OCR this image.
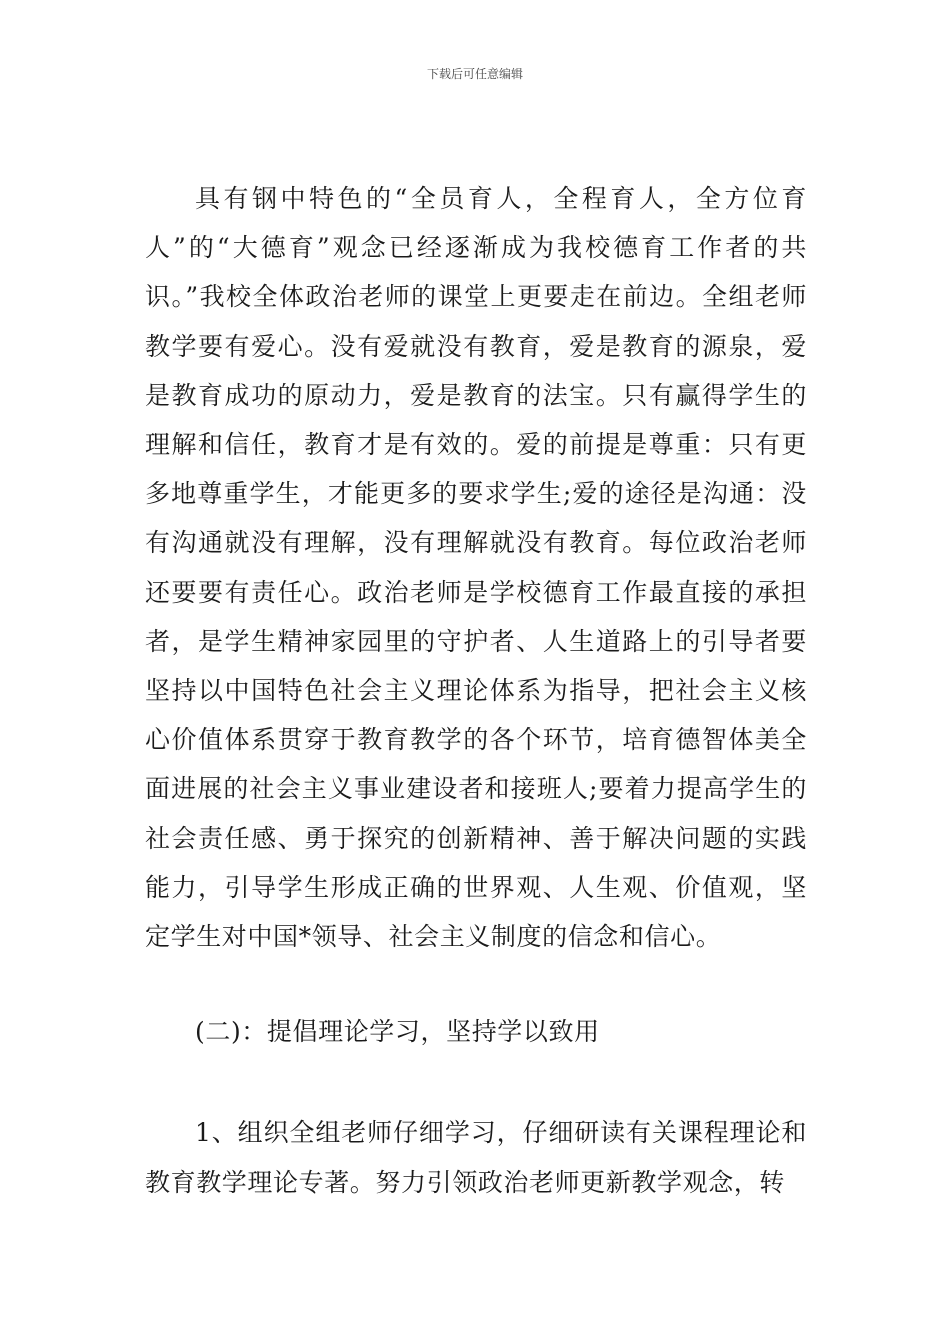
下载后可任意编辑

具有钢中特色的“全员育人，全程育人，全方位育人”的“大德育”观念已经逐渐成为我校德育工作者的共识。”我校全体政治老师的课堂上更要走在前边。全组老师教学要有爱心。没有爱就没有教育，爱是教育的源泉，爱是教育成功的原动力，爱是教育的法宝。只有赢得学生的理解和信任，教育才是有效的。爱的前提是尊重：只有更多地尊重学生，才能更多的要求学生;爱的途径是沟通：没有沟通就没有理解，没有理解就没有教育。每位政治老师还要要有责任心。政治老师是学校德育工作最直接的承担者，是学生精神家园里的守护者、人生道路上的引导者要坚持以中国特色社会主义理论体系为指导，把社会主义核心价值体系贯穿于教育教学的各个环节，培育德智体美全面进展的社会主义事业建设者和接班人;要着力提高学生的社会责任感、勇于探究的创新精神、善于解决问题的实践能力，引导学生形成正确的世界观、人生观、价值观，坚定学生对中国*领导、社会主义制度的信念和信心。

(二)：提倡理论学习，坚持学以致用

1、组织全组老师仔细学习，仔细研读有关课程理论和教育教学理论专著。努力引领政治老师更新教学观念，转
